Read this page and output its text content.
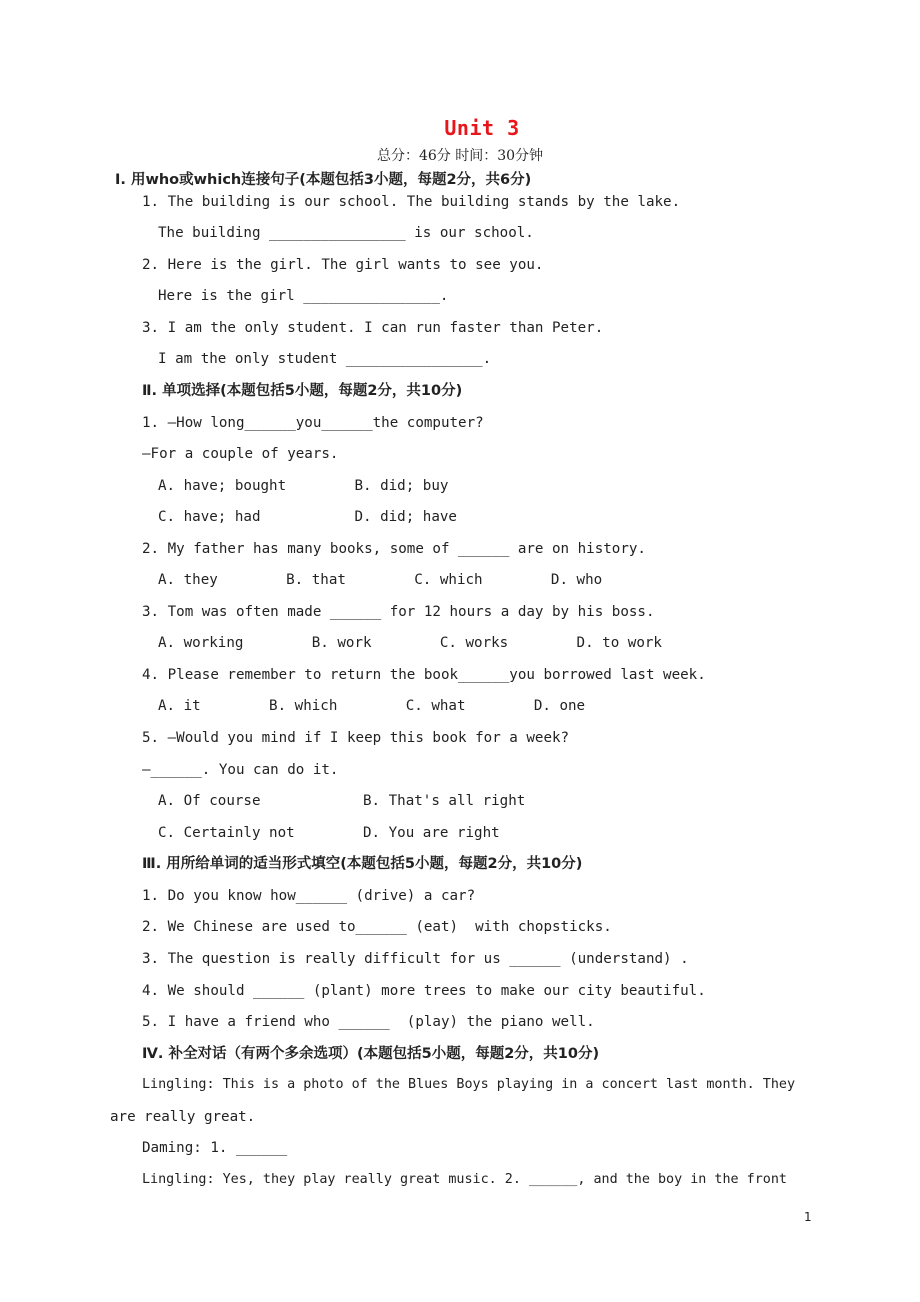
Unit 3
总分：46分 时间：30分钟
Ⅰ. 用who或which连接句子(本题包括3小题，每题2分，共6分)
1. The building is our school. The building stands by the lake.
The building ________________ is our school.
2. Here is the girl. The girl wants to see you.
Here is the girl ________________.
3. I am the only student. I can run faster than Peter.
I am the only student ________________.
Ⅱ. 单项选择(本题包括5小题，每题2分，共10分)
1. —How long______you______the computer?
—For a couple of years.
A. have; bought        B. did; buy
C. have; had           D. did; have
2. My father has many books, some of ______ are on history.
A. they        B. that        C. which        D. who
3. Tom was often made ______ for 12 hours a day by his boss.
A. working        B. work        C. works        D. to work
4. Please remember to return the book______you borrowed last week.
A. it        B. which        C. what        D. one
5. —Would you mind if I keep this book for a week?
—______. You can do it.
A. Of course            B. That's all right
C. Certainly not        D. You are right
Ⅲ. 用所给单词的适当形式填空(本题包括5小题，每题2分，共10分)
1. Do you know how______ (drive) a car?
2. We Chinese are used to______ (eat)  with chopsticks.
3. The question is really difficult for us ______ (understand) .
4. We should ______ (plant) more trees to make our city beautiful.
5. I have a friend who ______  (play) the piano well.
Ⅳ. 补全对话（有两个多余选项）(本题包括5小题，每题2分，共10分)
Lingling: This is a photo of the Blues Boys playing in a concert last month. They
are really great.
Daming: 1. ______
Lingling: Yes, they play really great music. 2. ______, and the boy in the front
1
